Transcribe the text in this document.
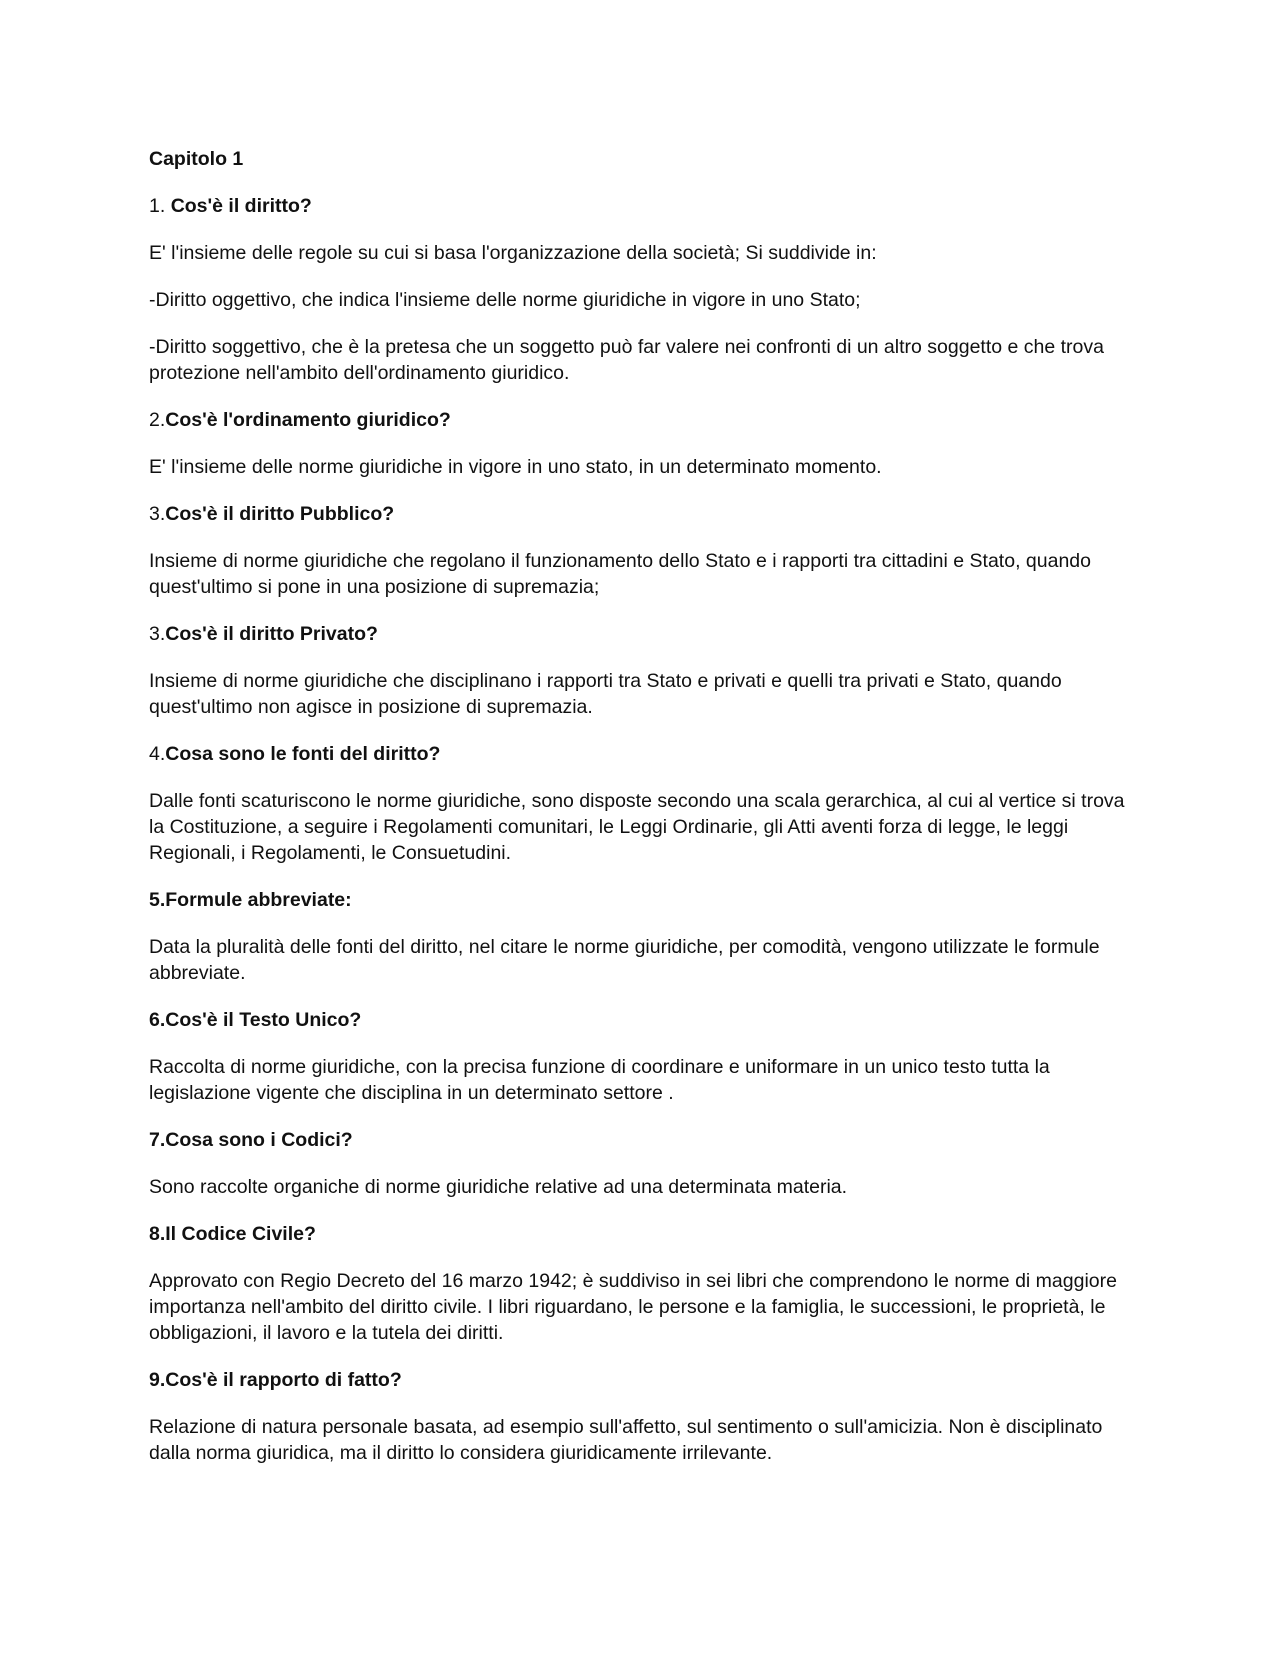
Capitolo 1

1. Cos'è il diritto?

E' l'insieme delle regole su cui si basa l'organizzazione della società; Si suddivide in:

-Diritto oggettivo, che indica l'insieme delle norme giuridiche in vigore in uno Stato;

-Diritto soggettivo, che è la pretesa che un soggetto può far valere nei confronti di un altro soggetto e che trova protezione nell'ambito dell'ordinamento giuridico.

2.Cos'è l'ordinamento giuridico?

E' l'insieme delle norme giuridiche in vigore in uno stato, in un determinato momento.

3.Cos'è il diritto Pubblico?

Insieme di norme giuridiche che regolano il funzionamento dello Stato e i rapporti tra cittadini e Stato, quando quest'ultimo si pone in una posizione di supremazia;

3.Cos'è il diritto Privato?

Insieme di norme giuridiche che disciplinano i rapporti tra Stato e privati e quelli tra privati e Stato, quando quest'ultimo non agisce in posizione di supremazia.

4.Cosa sono le fonti del diritto?

Dalle fonti scaturiscono le norme giuridiche, sono disposte secondo una scala gerarchica, al cui al vertice si trova la Costituzione, a seguire i Regolamenti comunitari, le Leggi Ordinarie, gli Atti aventi forza di legge, le leggi Regionali, i Regolamenti, le Consuetudini.

5.Formule abbreviate:

Data la pluralità delle fonti del diritto, nel citare le norme giuridiche, per comodità, vengono utilizzate le formule abbreviate.

6.Cos'è il Testo Unico?

Raccolta di norme giuridiche, con la precisa funzione di coordinare e uniformare in un unico testo tutta la legislazione vigente che disciplina in un determinato settore .

7.Cosa sono i Codici?

Sono raccolte organiche di norme giuridiche relative ad una determinata materia.

8.Il Codice Civile?

Approvato con Regio Decreto del 16 marzo 1942; è suddiviso in sei libri che comprendono le norme di maggiore importanza nell'ambito del diritto civile. I libri riguardano, le persone e la famiglia, le successioni, le proprietà, le obbligazioni, il lavoro e la tutela dei diritti.

9.Cos'è il rapporto di fatto?

Relazione di natura personale basata, ad esempio sull'affetto, sul sentimento o sull'amicizia. Non è disciplinato dalla norma giuridica, ma il diritto lo considera giuridicamente irrilevante.
